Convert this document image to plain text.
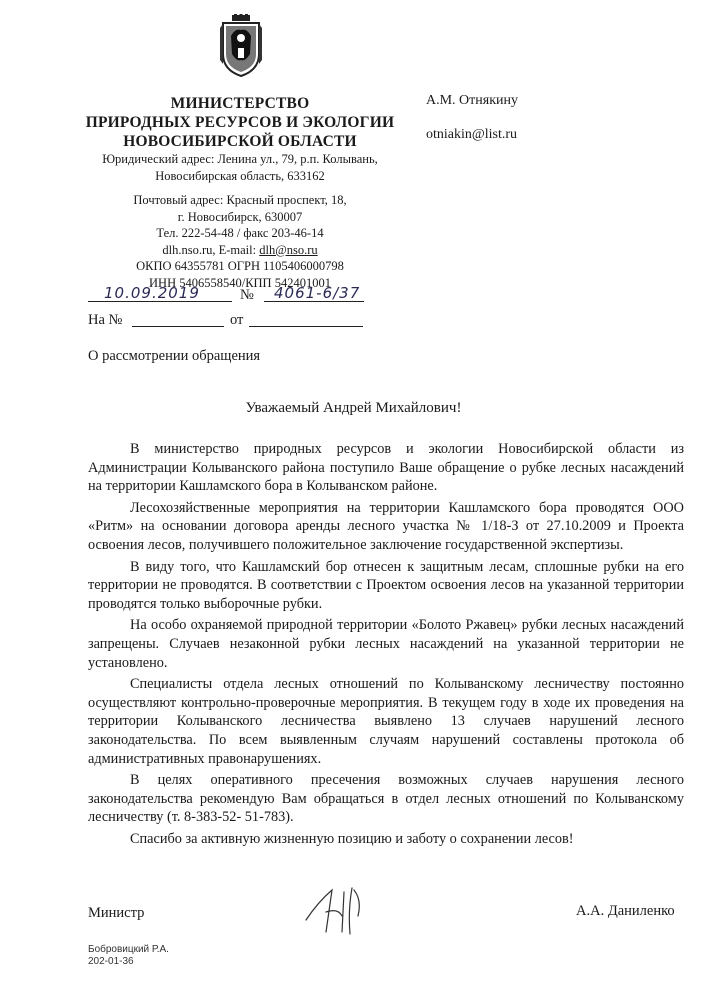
МИНИСТЕРСТВО
ПРИРОДНЫХ РЕСУРСОВ И ЭКОЛОГИИ
НОВОСИБИРСКОЙ ОБЛАСТИ
Юридический адрес: Ленина ул., 79, р.п. Колывань,
Новосибирская область, 633162
Почтовый адрес: Красный проспект, 18,
г. Новосибирск, 630007
Тел. 222-54-48 / факс 203-46-14
dlh.nso.ru, E-mail: dlh@nso.ru
ОКПО 64355781 ОГРН 1105406000798
ИНН 5406558540/КПП 542401001
А.М. Отнякину
otniakin@list.ru
10.09.2019	№ 4061-6/37
На №	от
О рассмотрении обращения
Уважаемый Андрей Михайлович!

В министерство природных ресурсов и экологии Новосибирской области из Администрации Колыванского района поступило Ваше обращение о рубке лесных насаждений на территории Кашламского бора в Колыванском районе.

Лесохозяйственные мероприятия на территории Кашламского бора проводятся ООО «Ритм» на основании договора аренды лесного участка № 1/18-З от 27.10.2009 и Проекта освоения лесов, получившего положительное заключение государственной экспертизы.

В виду того, что Кашламский бор отнесен к защитным лесам, сплошные рубки на его территории не проводятся. В соответствии с Проектом освоения лесов на указанной территории проводятся только выборочные рубки.

На особо охраняемой природной территории «Болото Ржавец» рубки лесных насаждений запрещены. Случаев незаконной рубки лесных насаждений на указанной территории не установлено.

Специалисты отдела лесных отношений по Колыванскому лесничеству постоянно осуществляют контрольно-проверочные мероприятия. В текущем году в ходе их проведения на территории Колыванского лесничества выявлено 13 случаев нарушений лесного законодательства. По всем выявленным случаям нарушений составлены протокола об административных правонарушениях.

В целях оперативного пресечения возможных случаев нарушения лесного законодательства рекомендую Вам обращаться в отдел лесных отношений по Колыванскому лесничеству (т. 8-383-52- 51-783).

Спасибо за активную жизненную позицию и заботу о сохранении лесов!

Министр	А.А. Даниленко
Бобровицкий Р.А.
202-01-36
